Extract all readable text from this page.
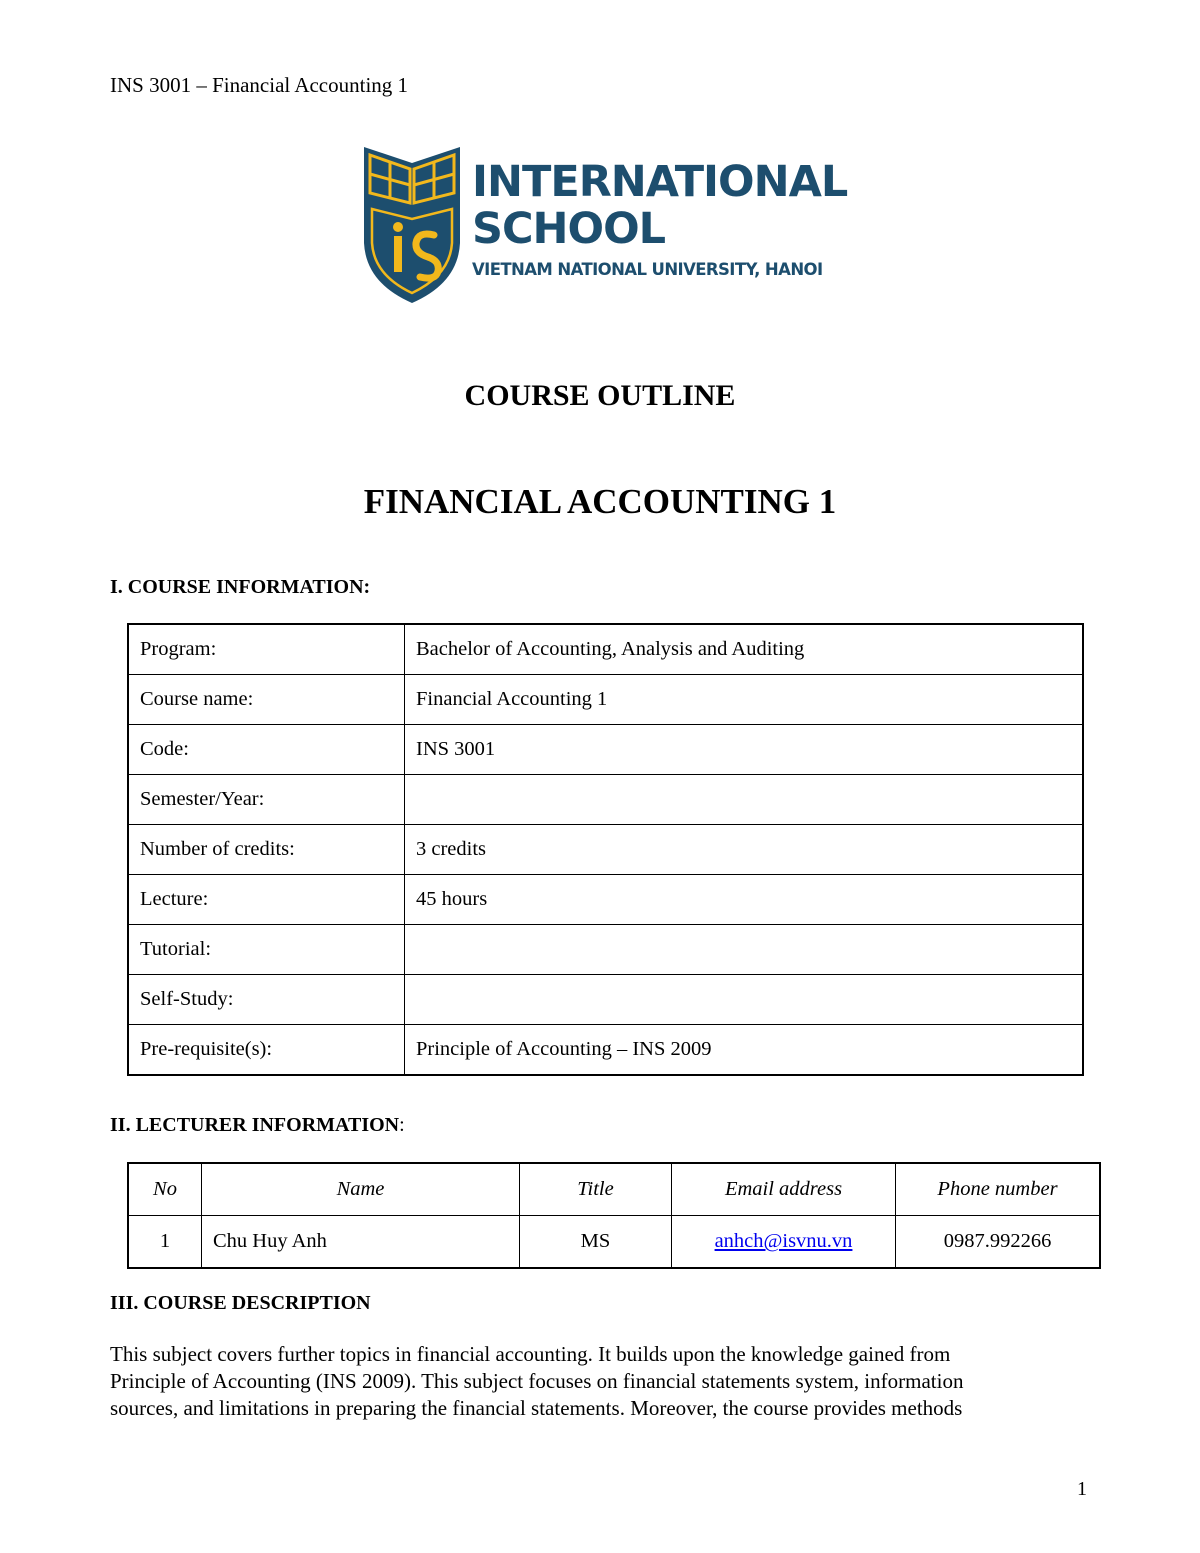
INS 3001 – Financial Accounting 1
INTERNATIONAL
SCHOOL
VIETNAM NATIONAL UNIVERSITY, HANOI
COURSE OUTLINE
FINANCIAL ACCOUNTING 1
I. COURSE INFORMATION:
Program:	Bachelor of Accounting, Analysis and Auditing
Course name:	Financial Accounting 1
Code:	INS 3001
Semester/Year:	
Number of credits:	3 credits
Lecture:	45 hours
Tutorial:	
Self-Study:	
Pre-requisite(s):	Principle of Accounting – INS 2009
II. LECTURER INFORMATION:
No	Name	Title	Email address	Phone number
1	Chu Huy Anh	MS	anhch@isvnu.vn	0987.992266
III. COURSE DESCRIPTION
This subject covers further topics in financial accounting. It builds upon the knowledge gained from
Principle of Accounting (INS 2009). This subject focuses on financial statements system, information
sources, and limitations in preparing the financial statements. Moreover, the course provides methods
1
